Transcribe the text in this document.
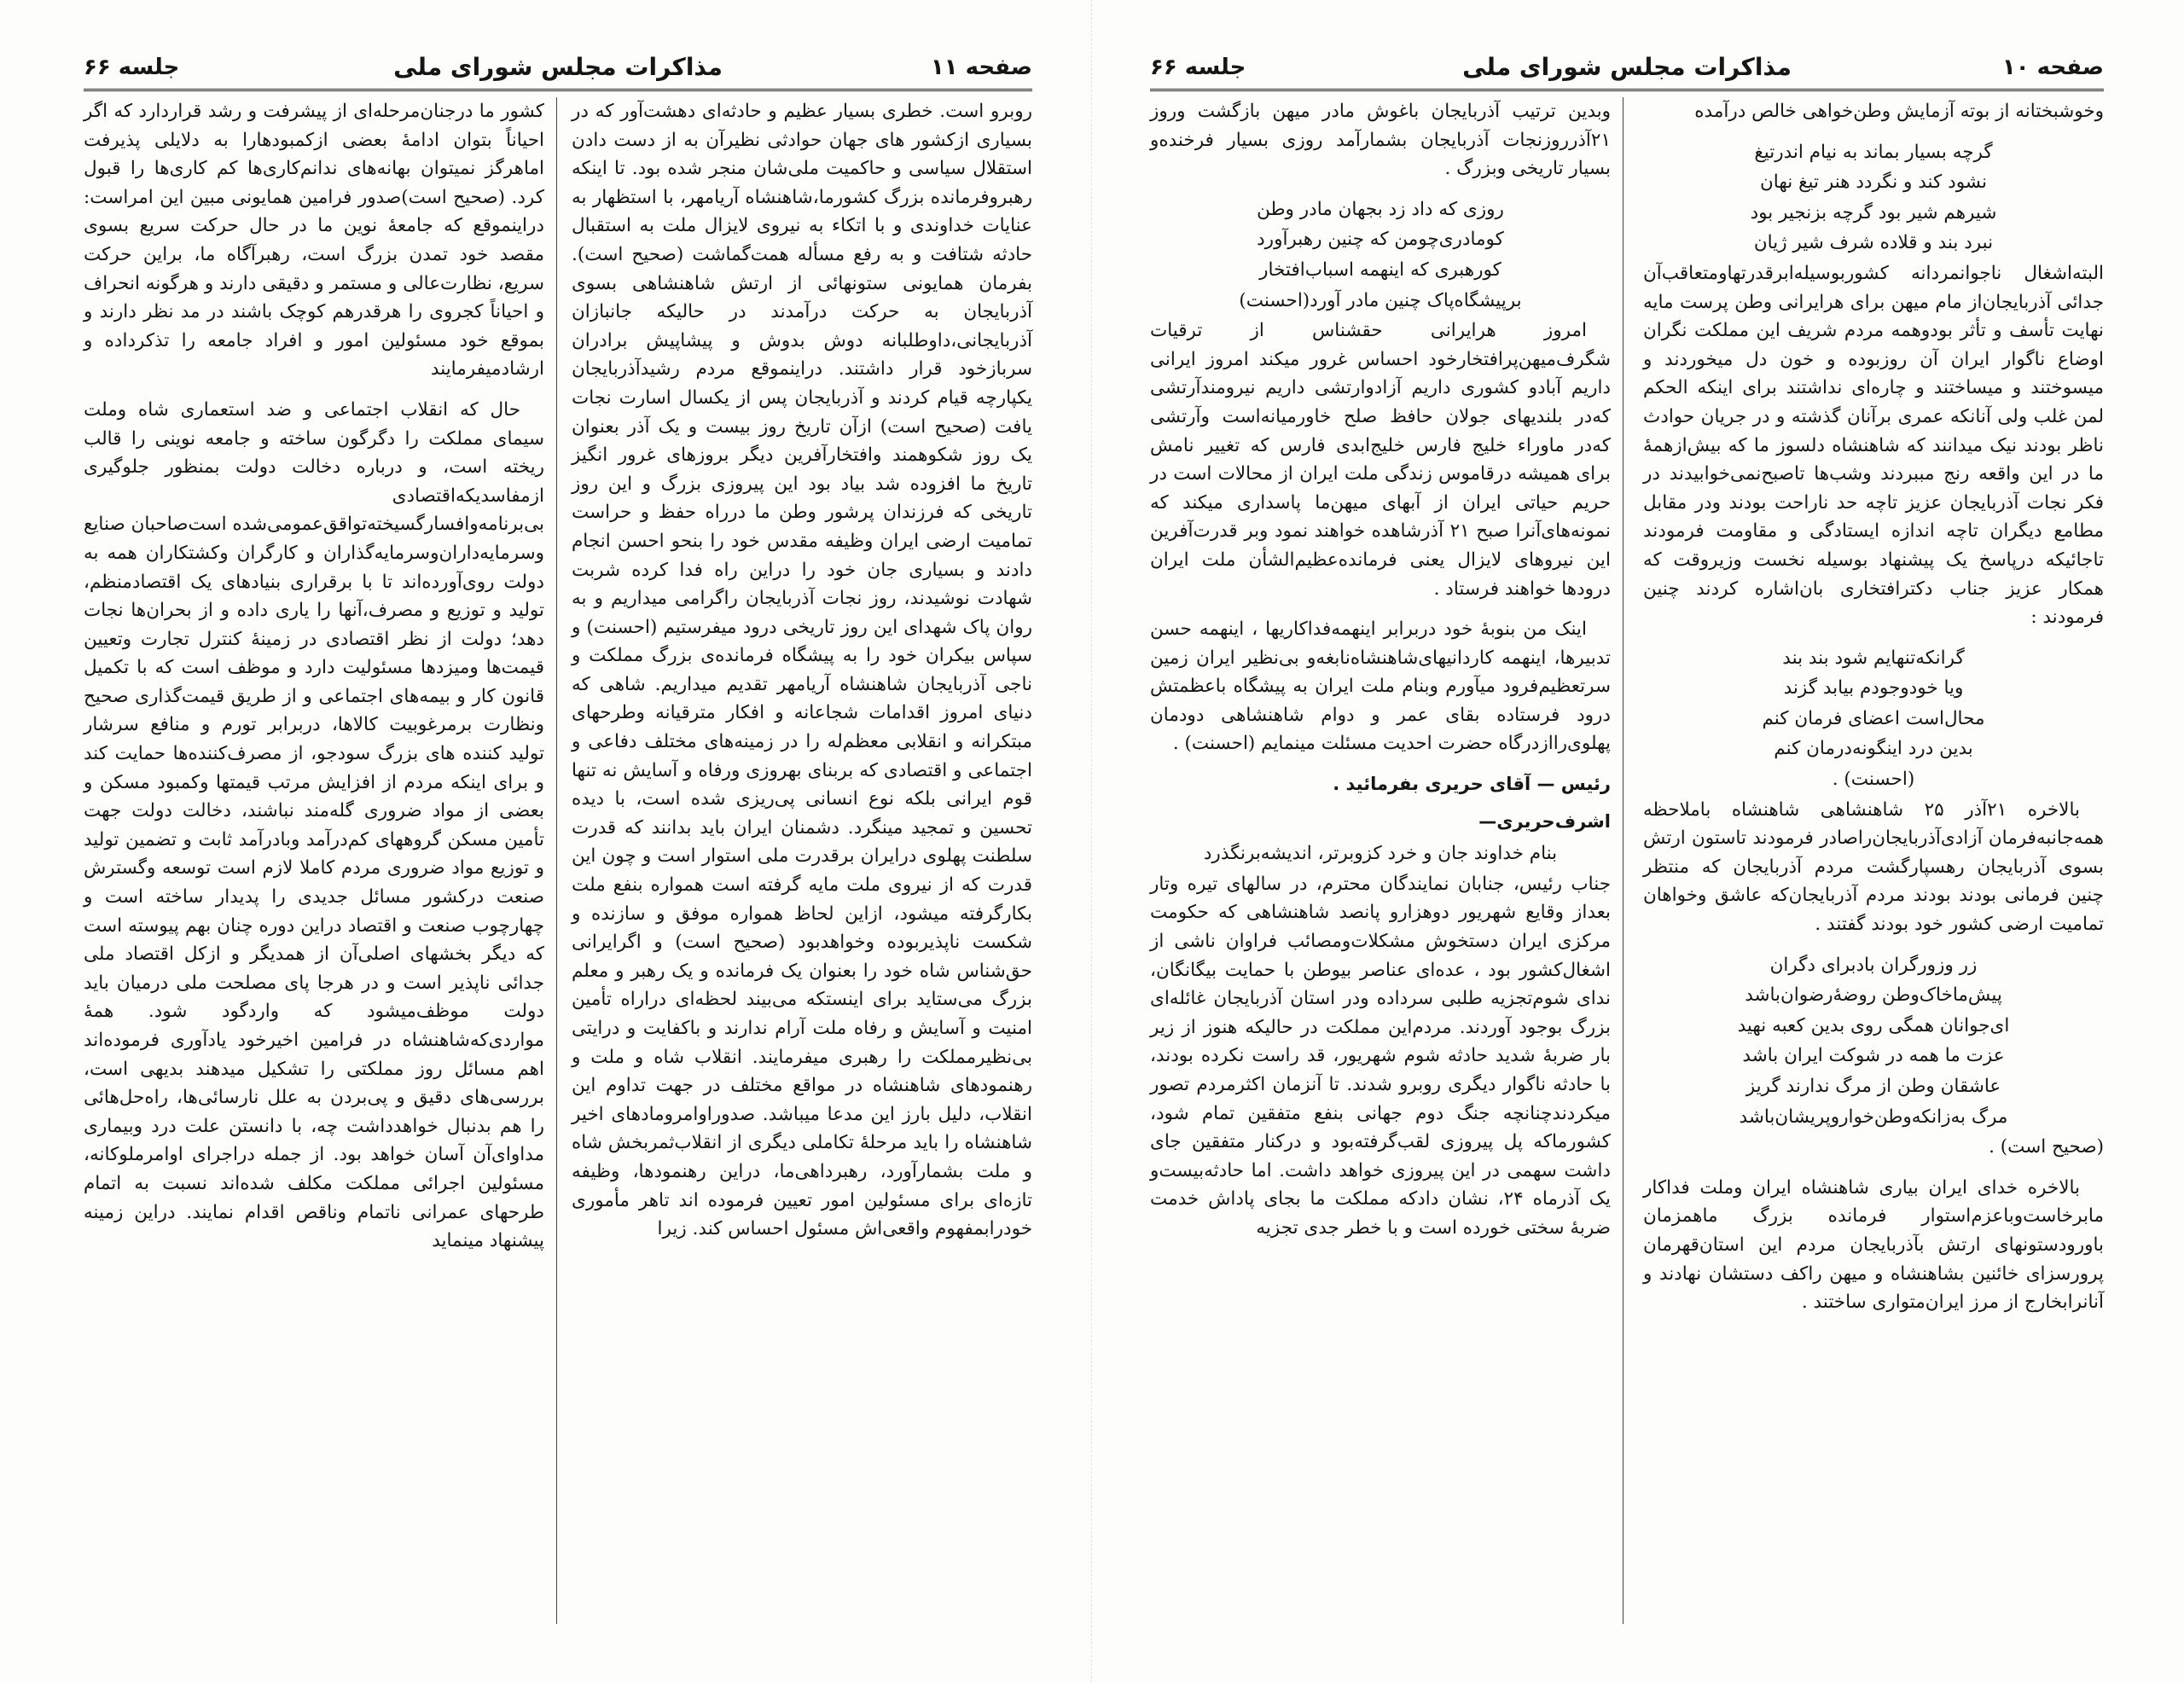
صفحه ۱۱
مذاکرات مجلس شورای ملی
جلسه ۶۶
روبرو است. خطری بسیار عظیم و حادثه‌ای دهشت‌آور که در بسیاری ازکشور های جهان حوادثی نظیرآن به از دست دادن استقلال سیاسی و حاکمیت ملی‌شان منجر شده بود. تا اینکه رهبروفرمانده بزرگ کشورما،شاهنشاه آریامهر، با استظهار به عنایات خداوندی و با اتکاء به نیروی لایزال ملت به استقبال حادثه شتافت و به رفع مسأله همت‌گماشت (صحیح است). بفرمان همایونی ستونهائی از ارتش شاهنشاهی بسوی آذربایجان به حرکت درآمدند در حالیکه جانبازان آذربایجانی،داوطلبانه دوش بدوش و پیشاپیش برادران سربازخود قرار داشتند. دراینموقع مردم رشیدآذربایجان یکپارچه قیام کردند و آذربایجان پس از یکسال اسارت نجات یافت (صحیح است) ازآن تاریخ روز بیست و یک آذر بعنوان یک روز شکوهمند وافتخارآفرین دیگر بروزهای غرور انگیز تاریخ ما افزوده شد بیاد بود این پیروزی بزرگ و این روز تاریخی که فرزندان پرشور وطن ما دررا‌ه حفظ و حراست تمامیت ارضی ایران وظیفه مقدس خود را بنحو احسن انجام دادند و بسیاری جان خود را دراین راه فدا کرده شربت شهادت نوشیدند، روز نجات آذربایجان راگرامی میداریم و به روان پاک شهدای این روز تاریخی درود میفرستیم (احسنت) و سپاس بیکران خود را به پیشگاه فرمانده‌ی بزرگ مملکت و ناجی آذربایجان شاهنشاه آریامهر تقدیم میداریم. شاهی که دنیای امروز اقدامات شجاعانه و افکار مترقیانه وطرحهای مبتکرانه و انقلابی معظم‌له را در زمینه‌های مختلف دفاعی و اجتماعی و اقتصادی که بربنای بهروزی ورفاه و آسایش نه تنها قوم ایرانی بلکه نوع انسانی پی‌ریزی شده است، با دیده تحسین و تمجید مینگرد. دشمنان ایران باید بدانند که قدرت سلطنت پهلوی درایران برقدرت ملی استوار است و چون این قدرت که از نیروی ملت مایه گرفته است همواره بنفع ملت بکارگرفته میشود، ازاین لحاظ همواره موفق و سازنده و شکست ناپذیربوده وخواهدبود (صحیح است) و اگرایرانی حق‌شناس شاه خود را بعنوان یک فرمانده و یک رهبر و معلم بزرگ می‌ستاید برای اینستکه می‌بیند لحظه‌ای دراراه تأمین امنیت و آسایش و رفاه ملت آرام ندارند و باکفایت و درایتی بی‌نظیرمملکت را رهبری میفرمایند. انقلاب شاه و ملت و رهنمودهای شاهنشاه در مواقع مختلف در جهت تداوم این انقلاب، دلیل بارز این مدعا میباشد. صدوراوامرومادهای اخیر شاهنشاه را باید مرحلهٔ تکاملی دیگری از انقلاب‌ثمربخش شاه و ملت بشمارآورد، رهبرداهی‌ما، دراین رهنمودها، وظیفه تازه‌ای برای مسئولین امور تعیین فرموده اند تاهر مأموری خودرابمفهوم واقعی‌اش مسئول احساس کند. زیرا
کشور ما درجنان‌مرحله‌ای از پیشرفت و رشد قراردارد که اگر احیاناً بتوان ادامهٔ بعضی ازکمبودهارا به دلایلی پذیرفت اماهرگز نمیتوان بهانه‌های ندانم‌کاری‌ها کم کاری‌ها را قبول کرد. (صحیح است)صدور فرامین همایونی مبین این امراست: دراینموقع که جامعهٔ نوین ما در حال حرکت سریع بسوی مقصد خود تمدن بزرگ است، رهبرآگاه ما، براین حرکت سریع، نظارت‌عالی و مستمر و دقیقی دارند و هرگونه انحراف و احیاناً کجروی را هرقدرهم کوچک باشند در مد نظر دارند و بموقع خود مسئولین امور و افراد جامعه را تذکرداده و ارشادمیفرمایند
حال که انقلاب اجتماعی و ضد استعماری شاه وملت سیمای مملکت را دگرگون ساخته و جامعه نوینی را قالب ریخته است، و درباره دخالت دولت بمنظور جلوگیری ازمفاسدیکه‌اقتصادی بی‌برنامه‌وافسارگسیخته‌تواقق‌عمومی‌شده است‌صاحبان صنایع وسرمایه‌داران‌وسرمایه‌گذاران و کارگران وکشتکاران همه به دولت روی‌آورده‌اند تا با برقراری بنیادهای یک اقتصادمنظم، تولید و توزیع و مصرف،آنها را یاری داده و از بحران‌ها نجات دهد؛ دولت از نظر اقتصادی در زمینهٔ کنترل تجارت وتعیین قیمت‌ها ومیزدها مسئولیت دارد و موظف است که با تکمیل قانون کار و بیمه‌های اجتماعی و از طریق قیمت‌گذاری صحیح ونظارت برمرغوبیت کالاها، دربرابر تورم و منافع سرشار تولید کننده های بزرگ سودجو، از مصرف‌کننده‌ها حمایت کند و برای اینکه مردم از افزایش مرتب قیمتها وکمبود مسکن و بعضی از مواد ضروری گله‌مند نباشند، دخالت دولت جهت تأمین مسکن گروههای کم‌درآمد وبادرآمد ثابت و تضمین تولید و توزیع مواد ضروری مردم کاملا لازم است توسعه وگسترش صنعت درکشور مسائل جدیدی را پدیدار ساخته است و چهارچوب صنعت و اقتصاد دراین دوره چنان بهم پیوسته است که دیگر بخشهای اصلی‌آن از همدیگر و ازکل اقتصاد ملی جدائی ناپذیر است و در هرجا پای مصلحت ملی درمیان باید دولت موظف‌میشود که واردگود شود. همهٔ مواردی‌که‌شاهنشاه در فرامین اخیرخود یادآوری فرموده‌اند اهم مسائل روز مملکتی را تشکیل میدهند بدیهی است، بررسی‌های دقیق و پی‌بردن به علل نارسائی‌ها، راه‌حل‌هائی را هم بدنبال خواهدداشت چه، با دانستن علت درد وبیماری مداوای‌آن آسان خواهد بود. از جمله دراجرای اوامرملوکانه، مسئولین اجرائی مملکت مکلف شده‌اند نسبت به اتمام طرحهای عمرانی ناتمام وناقص اقدام نمایند. دراین زمینه پیشنهاد مینماید
صفحه ۱۰
مذاکرات مجلس شورای ملی
جلسه ۶۶
وخوشبختانه از بوته آزمایش وطن‌خواهی خالص درآمده
گرچه بسیار بماند به نیام اندرتیغ
نشود کند و نگردد هنر تیغ نهان
شیرهم شیر بود گرچه بزنجیر بود
نبرد بند و قلاده شرف شیر ژیان
البته‌اشغال ناجوانمردانه کشوربوسیله‌ابرقدرتها‌ومتعاقب‌آن جدائی آذربایجان‌از مام میهن برای هرایرانی وطن پرست مایه نهایت تأسف و تأثر بودوهمه مردم شریف این مملکت نگران اوضاع ناگوار ایران آن روزبوده و خون دل میخوردند و میسوختند و میساختند و چاره‌ای نداشتند برای اینکه الحکم لمن غلب ولی آنانکه عمری برآنان گذشته و در جریان حوادث ناظر بودند نیک میدانند که شاهنشاه دلسوز ما که بیش‌ازهمهٔ ما در این واقعه رنج مببردند وشب‌ها تا‌صبح‌نمی‌خوابیدند در فکر نجات آذربایجان عزیز تاچه حد ناراحت بودند ودر مقابل مطامع دیگران تاچه اندازه ایستادگی و مقاومت فرمودند تاجائیکه درپاسخ یک پیشنهاد بوسیله نخست وزیروقت که همکار عزیز جناب دکترافتخاری بان‌اشاره کردند چنین فرمودند :
گرانکه‌تنهایم شود بند بند
ویا خودوجودم بیابد گزند
محال‌است اعضای فرمان کنم
بدین درد اینگونه‌درمان کنم
(احسنت) .
بالاخره ۲۱آذر ۲۵ شاهنشاهی شاهنشاه باملاحظه همه‌جانبه‌فرمان آزادی‌آذربایجان‌راصادر فرمودند تاستون ارتش بسوی آذربایجان رهسپارگشت مردم آذربایجان که منتظر چنین فرمانی بودند بودند مردم آذربایجان‌که عاشق وخواهان تمامیت ارضی کشور خود بودند گفتند .
زر وزورگران بادبرای دگران
پیش‌ما‌خاک‌وطن روضهٔ‌رضوان‌باشد
ای‌جوانان همگی روی بدین کعبه نهید
عزت ما همه در شوکت ایران باشد
عاشقان وطن از مرگ ندارند گریز
مرگ به‌زانکه‌وطن‌خواروپریشان‌باشد
(صحیح است) .
بالاخره خدای ایران بیاری شاهنشاه ایران وملت فداکار مابرخاست‌وباعزم‌استوار فرمانده بزرگ ماهمزمان باورودستونهای ارتش بآذربایجان مردم این استان‌قهرمان پرورسزای خائنین بشاهنشاه و میهن راکف دستشان نهادند و آنانرابخارج از مرز ایران‌متواری ساختند .
وبدین ترتیب آذربایجان باغوش مادر میهن بازگشت وروز ۲۱آذرروزنجات آذربایجان بشمارآمد روزی بسیار فرخنده‌و بسیار تاریخی وبزرگ .
روزی که داد زد بجهان مادر وطن
کومادری‌چومن که چنین رهبرآورد
کورهبری که اینهمه اسباب‌افتخار
برپیشگاه‌پاک چنین مادر آورد(احسنت)
امروز هرایرانی حقشناس از ترقیات شگرف‌میهن‌پر‌افتخارخود احساس غرور میکند امروز ایرانی داریم آبادو کشوری داریم آزادوارتشی داریم نیرومندآرتشی که‌در بلندیهای جولان حافظ صلح خاورمیانه‌است وآرتشی که‌در ماوراء خلیج فارس خلیج‌ابدی فارس که تغییر نامش برای همیشه درقاموس زندگی ملت ایران از محالات است در حریم حیاتی ایران از آبهای میهن‌ما پاسداری میکند که نمونه‌های‌آنرا صبح ۲۱ آذرشاهده خواهند نمود وبر قدرت‌آفرین این نیروهای لایزال یعنی فرمانده‌عظیم‌الشأن ملت ایران درودها خواهند فرستاد .
اینک من بنوبهٔ خود دربرابر اینهمه‌فداکاریها ، اینهمه حسن تدبیرها، اینهمه کاردانیهای‌شاهنشاه‌نابغه‌و بی‌نظیر ایران زمین سرتعظیم‌فرود میآورم وبنام ملت ایران به پیشگاه باعظمتش درود فرستاده بقای عمر و دوام شاهنشاهی دودمان پهلوی‌رااز‌درگاه حضرت احدیت مسئلت مینمایم (احسنت) .
رئیس — آقای حریری بفرمائید .
اشرف‌حریری—
بنام خداوند جان و خرد کزوبرتر، اندیشه‌برنگذرد
جناب رئیس، جنابان نمایندگان محترم، در سالهای تیره وتار بعداز وقایع شهریور دوهزارو پانصد شاهنشاهی که حکومت مرکزی ایران دستخوش مشکلات‌ومصائب فراوان ناشی از اشغال‌کشور بود ، عده‌ای عناصر بیوطن با حمایت بیگانگان، ندای شوم‌تجزیه طلبی سرداده ودر استان آذربایجان غائله‌ای بزرگ بوجود آوردند. مردم‌این مملکت در حالیکه هنوز از زیر بار ضربهٔ شدید حادثه شوم شهریور، قد راست نکرده بودند، با حادثه ناگوار دیگری روبرو شدند. تا آنزمان اکثرمردم تصور میکردندچنانچه جنگ دوم جهانی بنفع متفقین تمام شود، کشورما‌که پل پیروزی لقب‌گرفته‌بود و درکنار متفقین جای داشت سهمی در این پیروزی خواهد داشت. اما حادثه‌بیست‌و یک آذرماه ۲۴، نشان دادکه مملکت ما بجای پاداش خدمت ضربهٔ سختی خورده است و با خطر جدی تجزیه
